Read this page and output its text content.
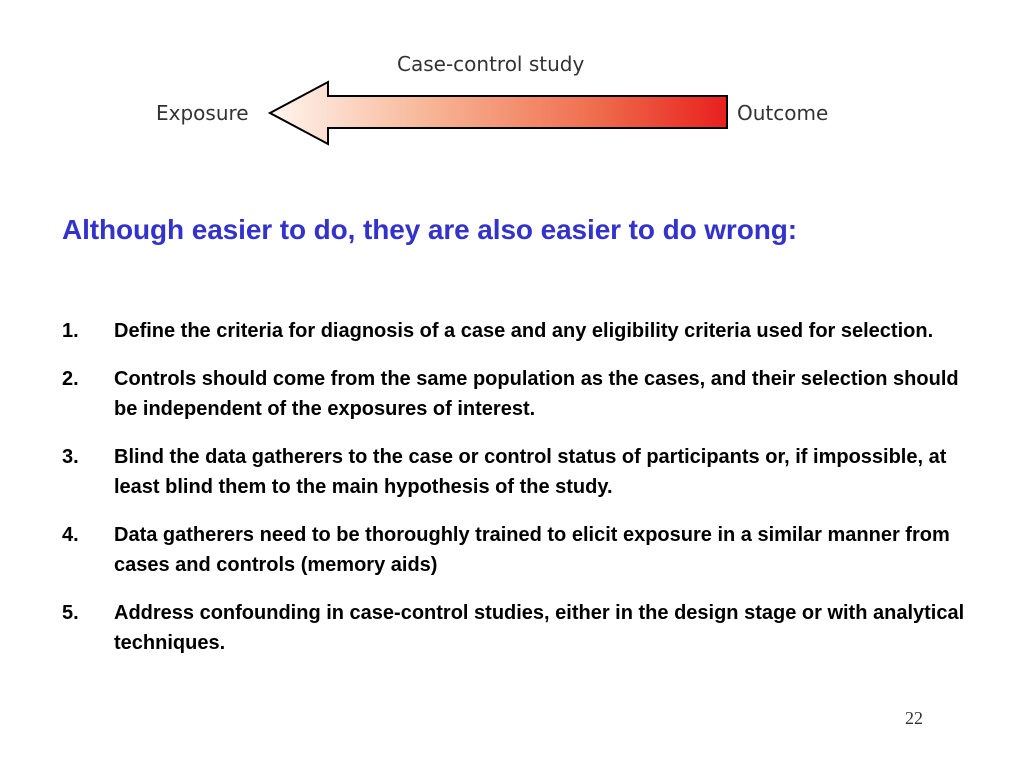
Case-control study
Exposure	Outcome
Although easier to do, they are also easier to do wrong:
1.	Define the criteria for diagnosis of a case and any eligibility criteria used for selection.
2.	Controls should come from the same population as the cases, and their selection should be independent of the exposures of interest.
3.	Blind the data gatherers to the case or control status of participants or, if impossible, at least blind them to the main hypothesis of the study.
4.	Data gatherers need to be thoroughly trained to elicit exposure in a similar manner from cases and controls (memory aids)
5.	Address confounding in case-control studies, either in the design stage or with analytical techniques.
22
